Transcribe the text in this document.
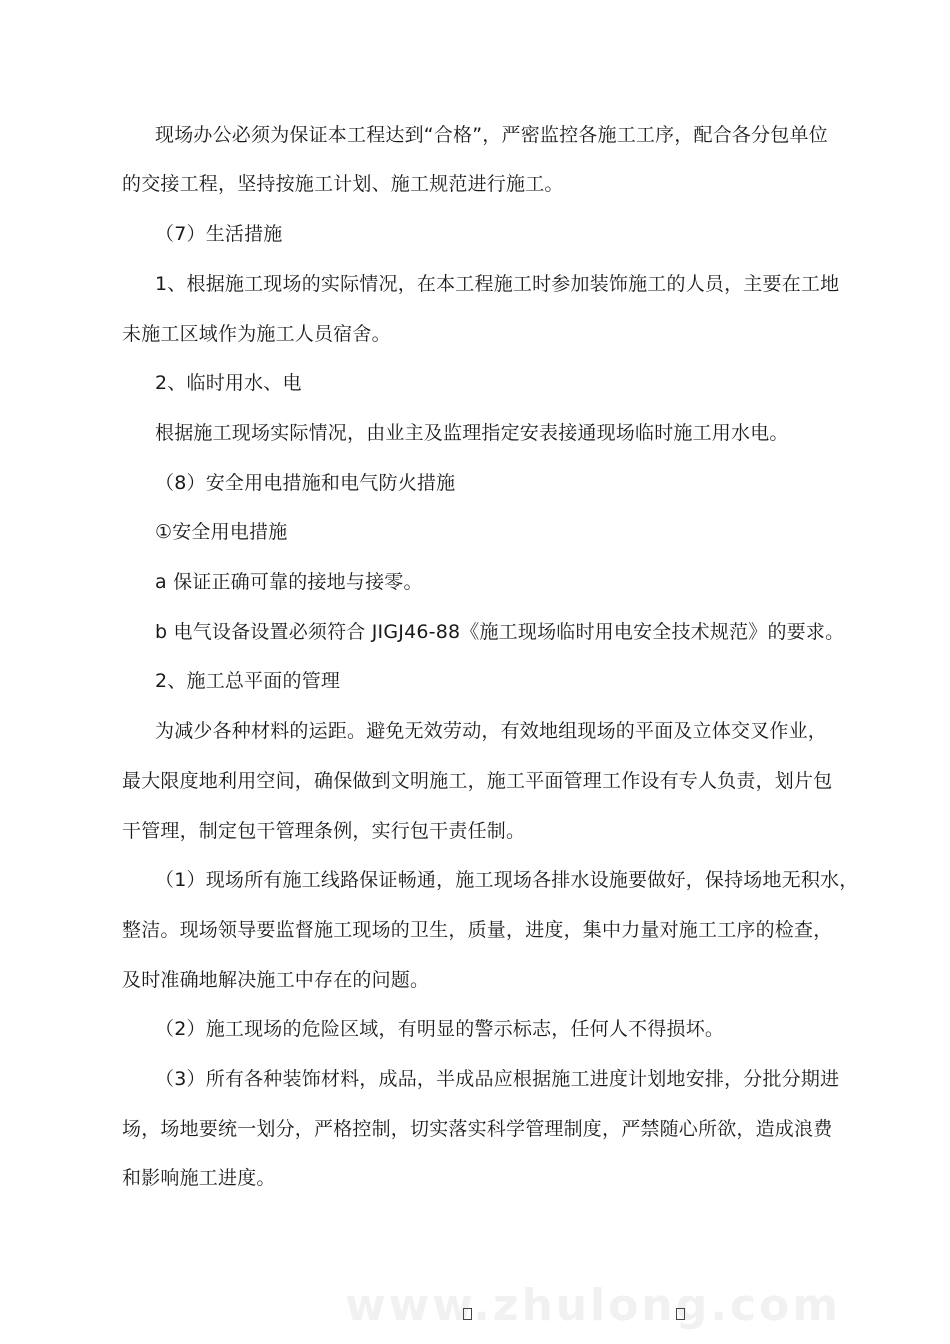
现场办公必须为保证本工程达到“合格”，严密监控各施工工序，配合各分包单位
的交接工程，坚持按施工计划、施工规范进行施工。
（7）生活措施
1、根据施工现场的实际情况，在本工程施工时参加装饰施工的人员，主要在工地
未施工区域作为施工人员宿舍。
2、临时用水、电
根据施工现场实际情况，由业主及监理指定安表接通现场临时施工用水电。
（8）安全用电措施和电气防火措施
①安全用电措施
a 保证正确可靠的接地与接零。
b 电气设备设置必须符合 JIGJ46-88《施工现场临时用电安全技术规范》的要求。
2、施工总平面的管理
为减少各种材料的运距。避免无效劳动，有效地组现场的平面及立体交叉作业，
最大限度地利用空间，确保做到文明施工，施工平面管理工作设有专人负责，划片包
干管理，制定包干管理条例，实行包干责任制。
（1）现场所有施工线路保证畅通，施工现场各排水设施要做好，保持场地无积水，
整洁。现场领导要监督施工现场的卫生，质量，进度，集中力量对施工工序的检查，
及时准确地解决施工中存在的问题。
（2）施工现场的危险区域，有明显的警示标志，任何人不得损坏。
（3）所有各种装饰材料，成品，半成品应根据施工进度计划地安排，分批分期进
场，场地要统一划分，严格控制，切实落实科学管理制度，严禁随心所欲，造成浪费
和影响施工进度。
www.zhulong.com
